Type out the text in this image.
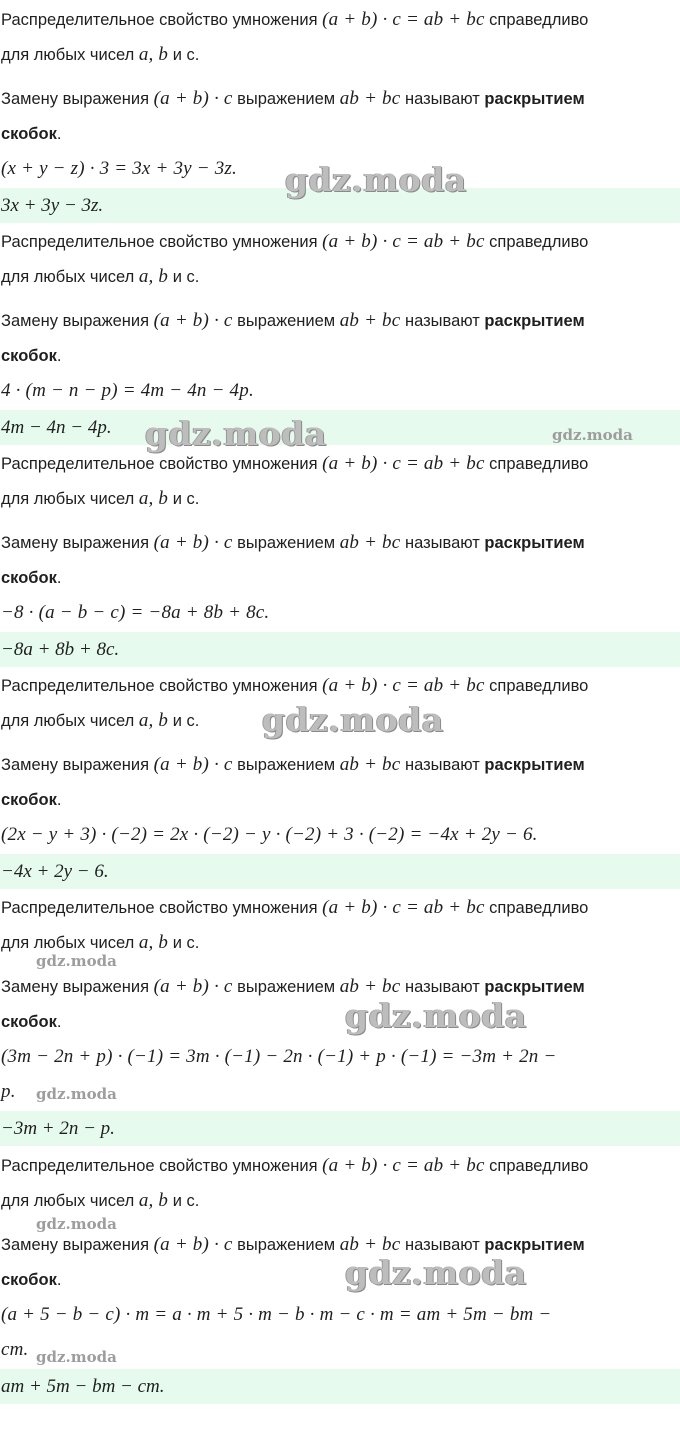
Распределительное свойство умножения (a + b) · c = ab + bc справедливо
для любых чисел a, b и c.
Замену выражения (a + b) · c выражением ab + bc называют раскрытием
скобок.
(x + y − z) · 3 = 3x + 3y − 3z.
3x + 3y − 3z.
Распределительное свойство умножения (a + b) · c = ab + bc справедливо
для любых чисел a, b и c.
Замену выражения (a + b) · c выражением ab + bc называют раскрытием
скобок.
4 · (m − n − p) = 4m − 4n − 4p.
4m − 4n − 4p.
Распределительное свойство умножения (a + b) · c = ab + bc справедливо
для любых чисел a, b и c.
Замену выражения (a + b) · c выражением ab + bc называют раскрытием
скобок.
−8 · (a − b − c) = −8a + 8b + 8c.
−8a + 8b + 8c.
Распределительное свойство умножения (a + b) · c = ab + bc справедливо
для любых чисел a, b и c.
Замену выражения (a + b) · c выражением ab + bc называют раскрытием
скобок.
(2x − y + 3) · (−2) = 2x · (−2) − y · (−2) + 3 · (−2) = −4x + 2y − 6.
−4x + 2y − 6.
Распределительное свойство умножения (a + b) · c = ab + bc справедливо
для любых чисел a, b и c.
Замену выражения (a + b) · c выражением ab + bc называют раскрытием
скобок.
(3m − 2n + p) · (−1) = 3m · (−1) − 2n · (−1) + p · (−1) = −3m + 2n −
p.
−3m + 2n − p.
Распределительное свойство умножения (a + b) · c = ab + bc справедливо
для любых чисел a, b и c.
Замену выражения (a + b) · c выражением ab + bc называют раскрытием
скобок.
(a + 5 − b − c) · m = a · m + 5 · m − b · m − c · m = am + 5m − bm −
cm.
am + 5m − bm − cm.
gdz.moda
gdz.moda
gdz.moda
gdz.moda
gdz.moda
gdz.moda
gdz.moda
gdz.moda
gdz.moda
gdz.moda
